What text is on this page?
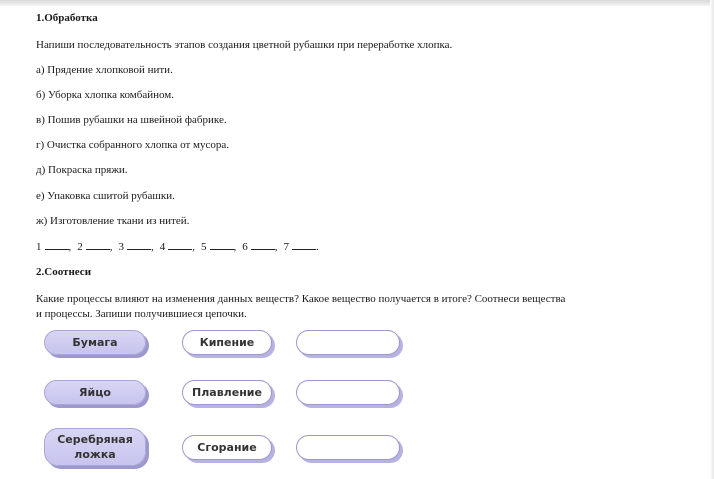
1.Обработка
Напиши последовательность этапов создания цветной рубашки при переработке хлопка.
а) Прядение хлопковой нити.
б) Уборка хлопка комбайном.
в) Пошив рубашки на швейной фабрике.
г) Очистка собранного хлопка от мусора.
д) Покраска пряжи.
е) Упаковка сшитой рубашки.
ж) Изготовление ткани из нитей.
1 , 2 , 3 , 4 , 5 , 6 , 7 .
2.Соотнеси
Какие процессы влияют на изменения данных веществ? Какое вещество получается в итоге? Соотнеси вещества
и процессы. Запиши получившиеся цепочки.
Бумага	Кипение
Яйцо	Плавление
Серебряная ложка
Сгорание
